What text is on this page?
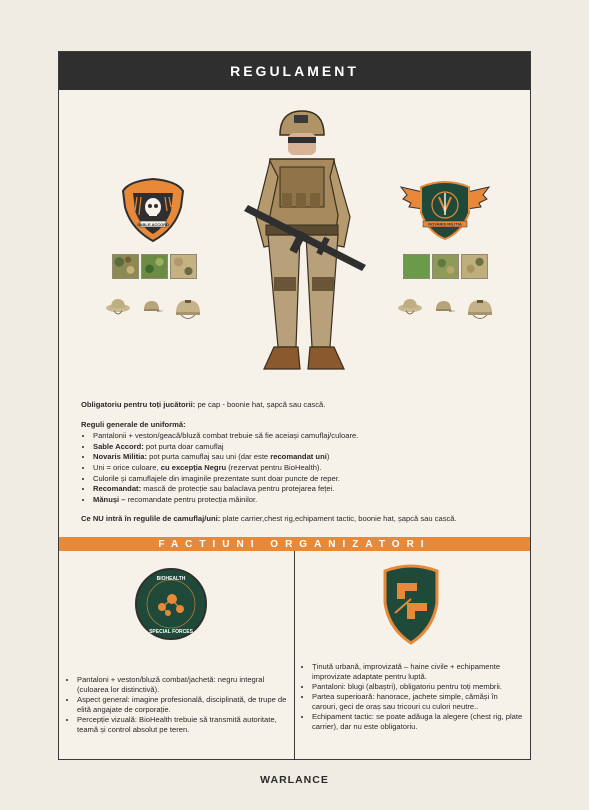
REGULAMENT
SABLE ACCORD	NOVARIS MILITIA

Obligatoriu pentru toți jucătorii: pe cap - boonie hat, șapcă sau cască.

Reguli generale de uniformă:
• Pantalonii + veston/geacă/bluză combat trebuie să fie aceiași camuflaj/culoare.
• Sable Accord: pot purta doar camuflaj
• Novaris Militia: pot purta camuflaj sau uni (dar este recomandat uni)
• Uni = orice culoare, cu excepția Negru (rezervat pentru BioHealth).
• Culorile și camuflajele din imaginile prezentate sunt doar puncte de reper.
• Recomandat: mască de protecție sau balaclava pentru protejarea feței.
• Mănuși – recomandate pentru protecția mâinilor.

Ce NU intră în regulile de camuflaj/uni: plate carrier,chest rig,echipament tactic, boonie hat, șapcă sau cască.

FACTIUNI ORGANIZATORI
BIOHEALTH
SPECIAL FORCES
• Pantaloni + veston/bluză combat/jachetă: negru integral (culoarea lor distinctivă).
• Aspect general: imagine profesională, disciplinată, de trupe de elită angajate de corporație.
• Percepție vizuală: BioHealth trebuie să transmită autoritate, teamă și control absolut pe teren.
• Ținută urbană, improvizată – haine civile + echipamente improvizate adaptate pentru luptă.
• Pantaloni: blugi (albaștri), obligatoriu pentru toți membrii.
• Partea superioară: hanorace, jachete simple, cămăși în carouri, geci de oraș sau tricouri cu culori neutre..
• Echipament tactic: se poate adăuga la alegere (chest rig, plate carrier), dar nu este obligatoriu.
WARLANCE
